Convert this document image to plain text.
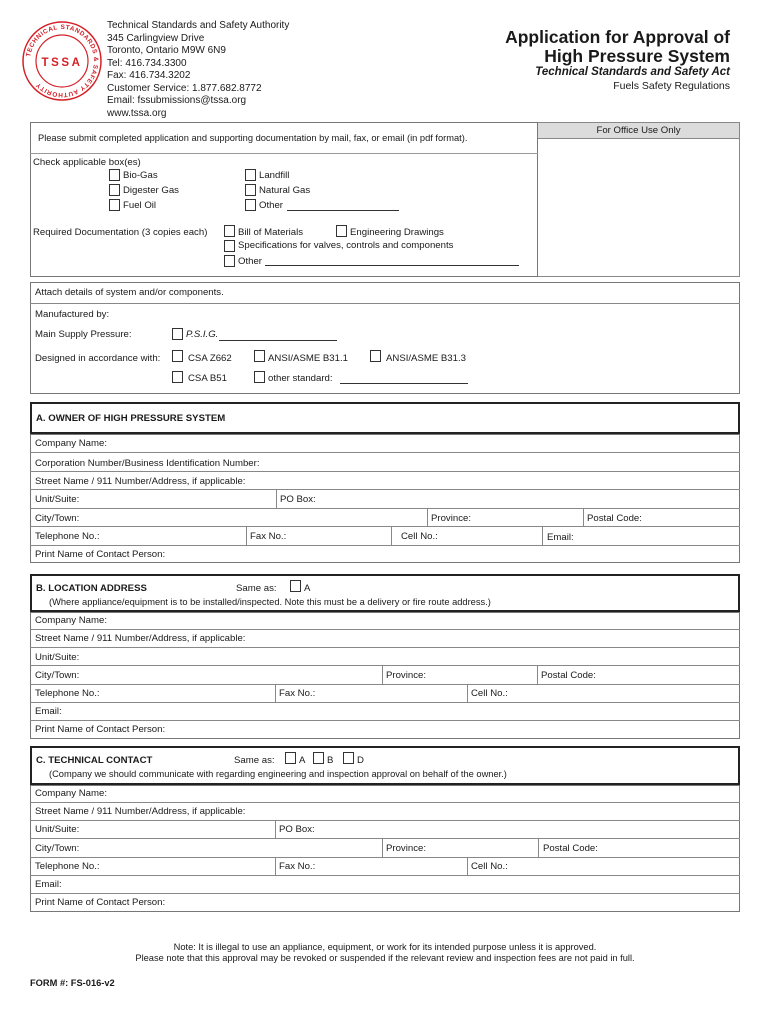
TECHNICAL STANDARDS & SAFETY AUTHORITY
TSSA
Technical Standards and Safety Authority
345 Carlingview Drive
Toronto, Ontario M9W 6N9
Tel: 416.734.3300
Fax: 416.734.3202
Customer Service: 1.877.682.8772
Email: fssubmissions@tssa.org
www.tssa.org
Application for Approval of
High Pressure System
Technical Standards and Safety Act
Fuels Safety Regulations
For Office Use Only
Please submit completed application and supporting documentation by mail, fax, or email (in pdf format).
Check applicable box(es)
Bio-Gas
Digester Gas
Fuel Oil
Landfill
Natural Gas
Other
Required Documentation (3 copies each)	Bill of Materials	Engineering Drawings
Specifications for valves, controls and components
Other
Attach details of system and/or components.
Manufactured by:
Main Supply Pressure:	P.S.I.G.
Designed in accordance with:	CSA Z662	ANSI/ASME B31.1	ANSI/ASME B31.3
CSA B51	other standard:
A. OWNER OF HIGH PRESSURE SYSTEM
Company Name:
Corporation Number/Business Identification Number:
Street Name / 911 Number/Address, if applicable:
Unit/Suite:	PO Box:
City/Town:	Province:	Postal Code:
Telephone No.:	Fax No.:	Cell No.:	Email:
Print Name of Contact Person:
B. LOCATION ADDRESS	Same as:	A
(Where appliance/equipment is to be installed/inspected. Note this must be a delivery or fire route address.)
Company Name:
Street Name / 911 Number/Address, if applicable:
Unit/Suite:
City/Town:	Province:	Postal Code:
Telephone No.:	Fax No.:	Cell No.:
Email:
Print Name of Contact Person:
C. TECHNICAL CONTACT	Same as:	A B D
(Company we should communicate with regarding engineering and inspection approval on behalf of the owner.)
Company Name:
Street Name / 911 Number/Address, if applicable:
Unit/Suite:	PO Box:
City/Town:	Province:	Postal Code:
Telephone No.:	Fax No.:	Cell No.:
Email:
Print Name of Contact Person:
Note: It is illegal to use an appliance, equipment, or work for its intended purpose unless it is approved.
Please note that this approval may be revoked or suspended if the relevant review and inspection fees are not paid in full.
FORM #: FS-016-v2
